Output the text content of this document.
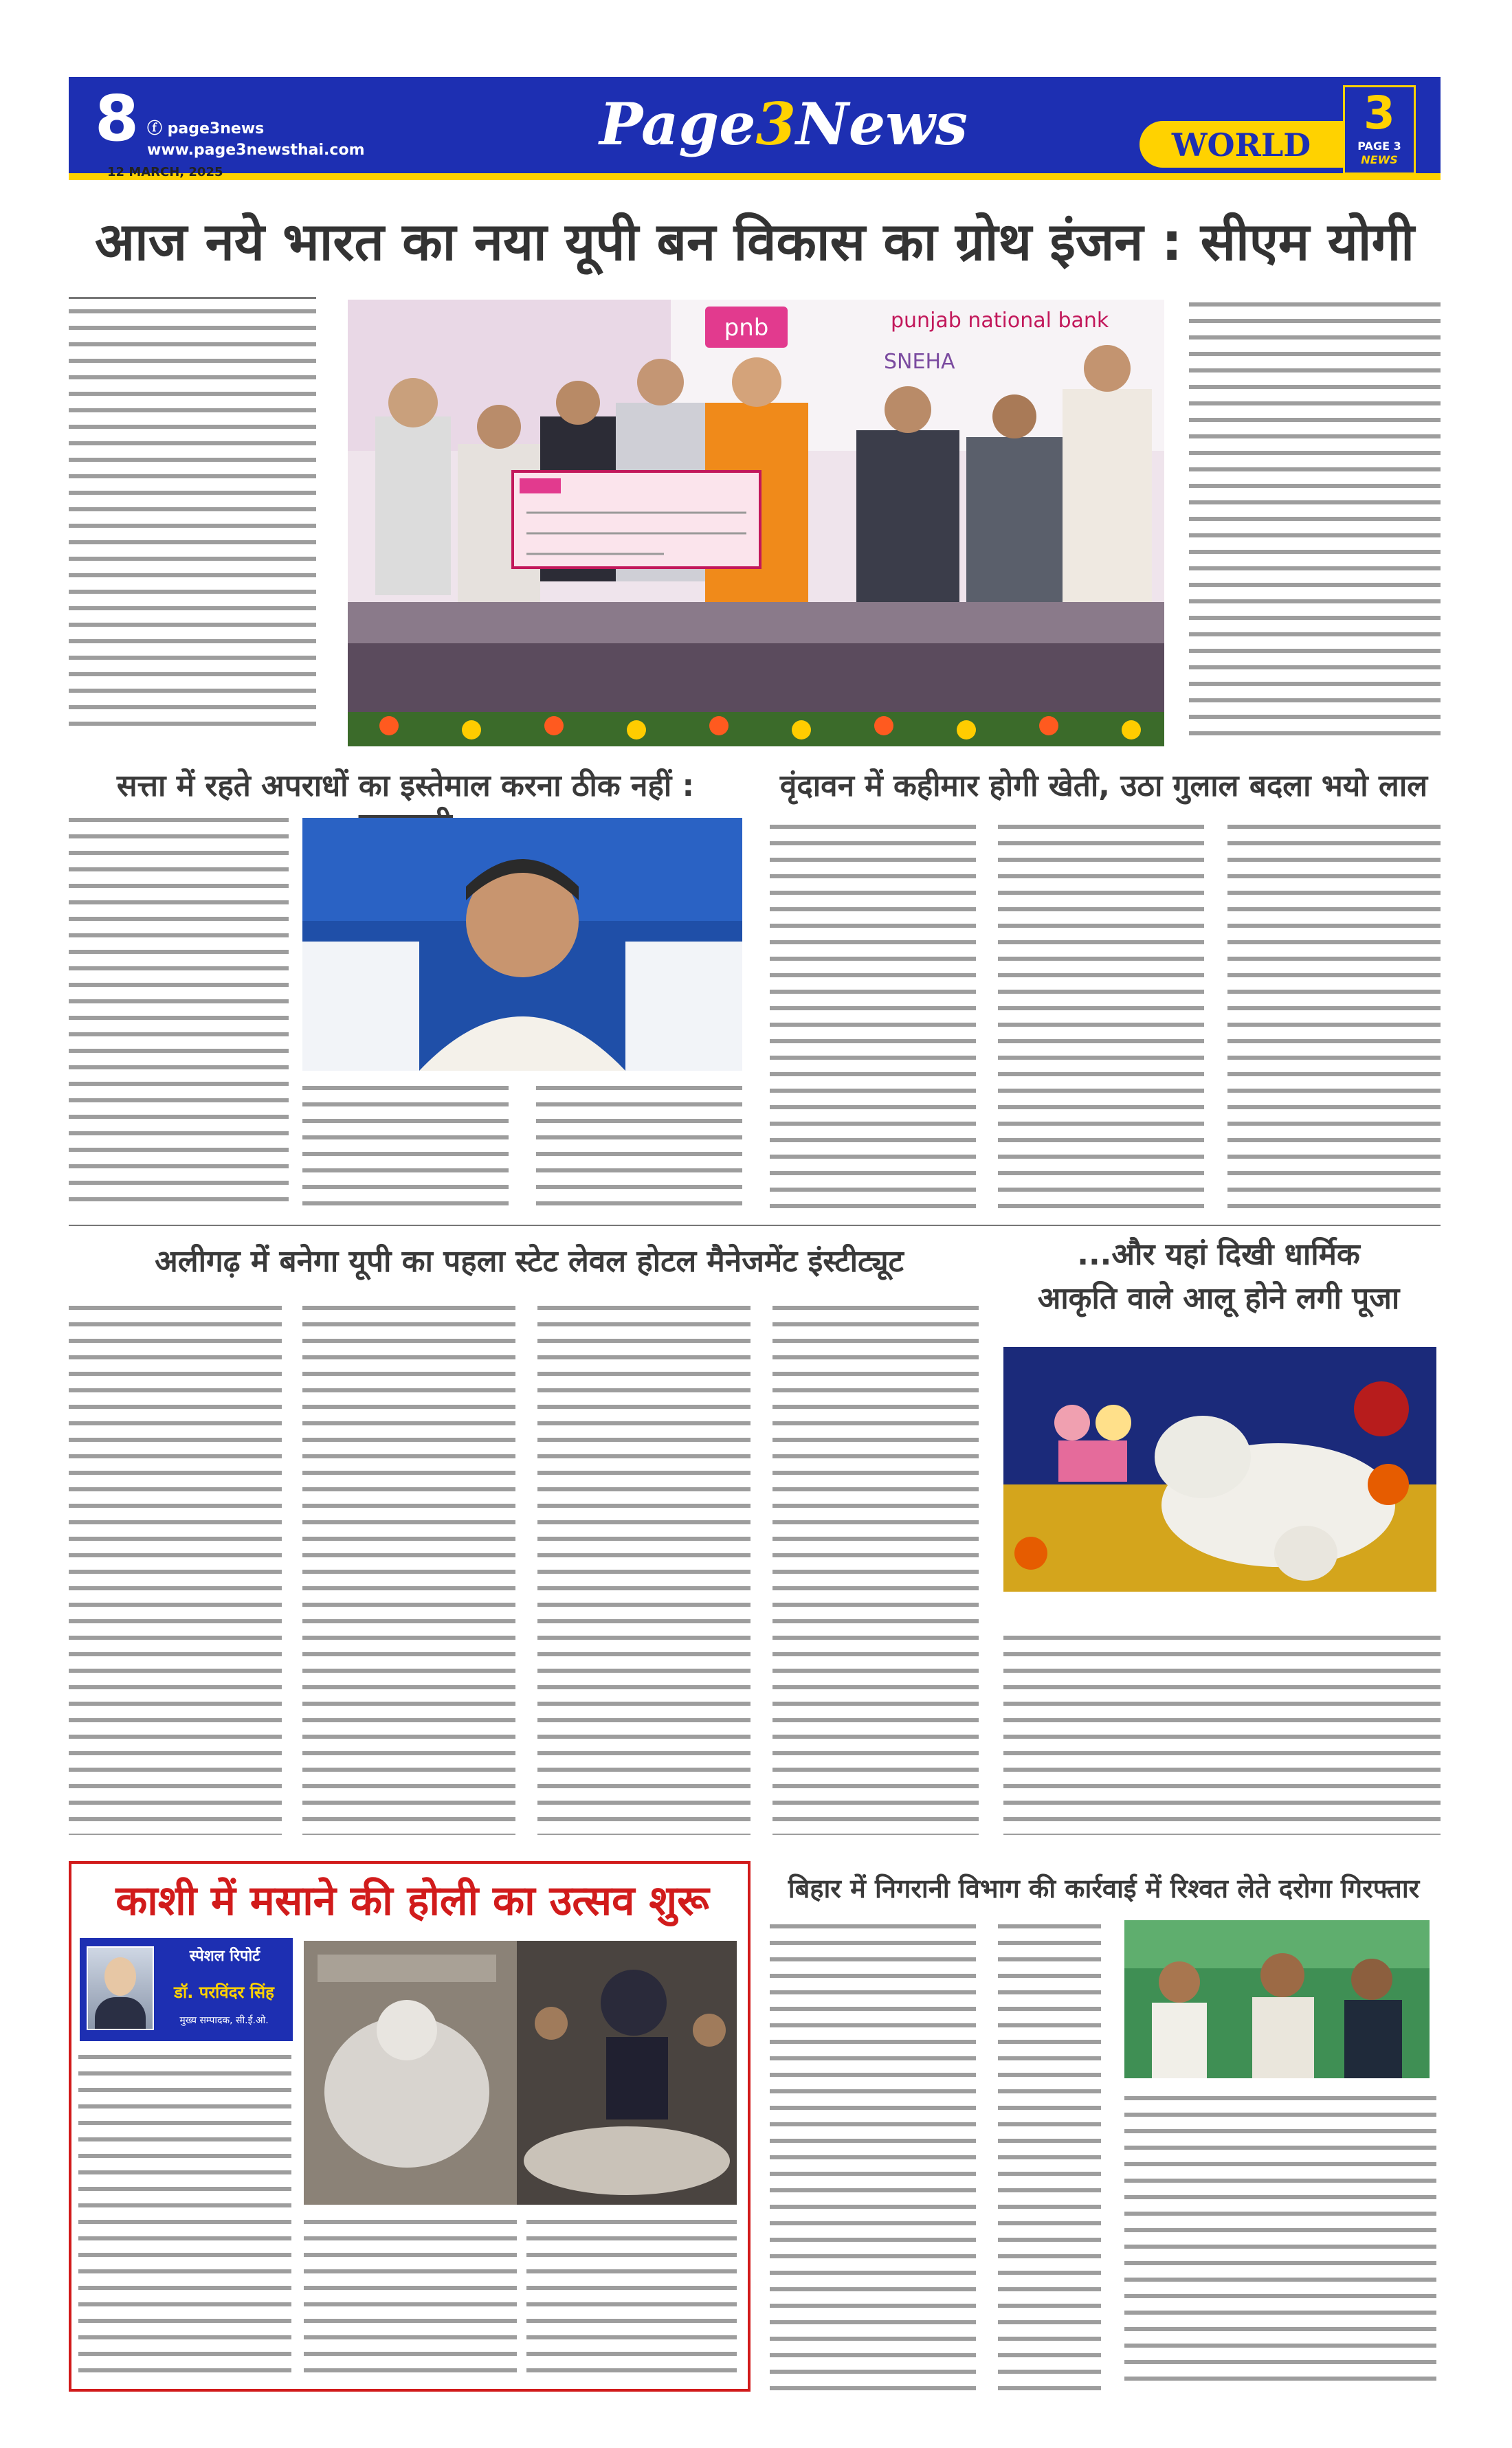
8 ⓕ page3news
www.page3newsthai.com
12 MARCH, 2025
Page3News	WORLD
3
PAGE 3
NEWS
आज नये भारत का नया यूपी बन विकास का ग्रोथ इंजन : सीएम योगी
pnb	punjab national bank
SNEHA
सत्ता में रहते अपराधों का इस्तेमाल करना ठीक नहीं :	वृंदावन में कहीमार होगी खेती, उठा गुलाल बदला भयो लाल
अलीगढ़ में बनेगा यूपी का पहला स्टेट लेवल होटल मैनेजमेंट इंस्टीट्यूट	...और यहां दिखी धार्मिक
आकृति वाले आलू होने लगी पूजा
काशी में मसाने की होली का उत्सव शुरू
स्पेशल रिपोर्ट
डॉ. परविंदर सिंह
मुख्य सम्पादक, सी.ई.ओ.
बिहार में निगरानी विभाग की कार्रवाई में रिश्वत लेते दरोगा गिरफ्तार
